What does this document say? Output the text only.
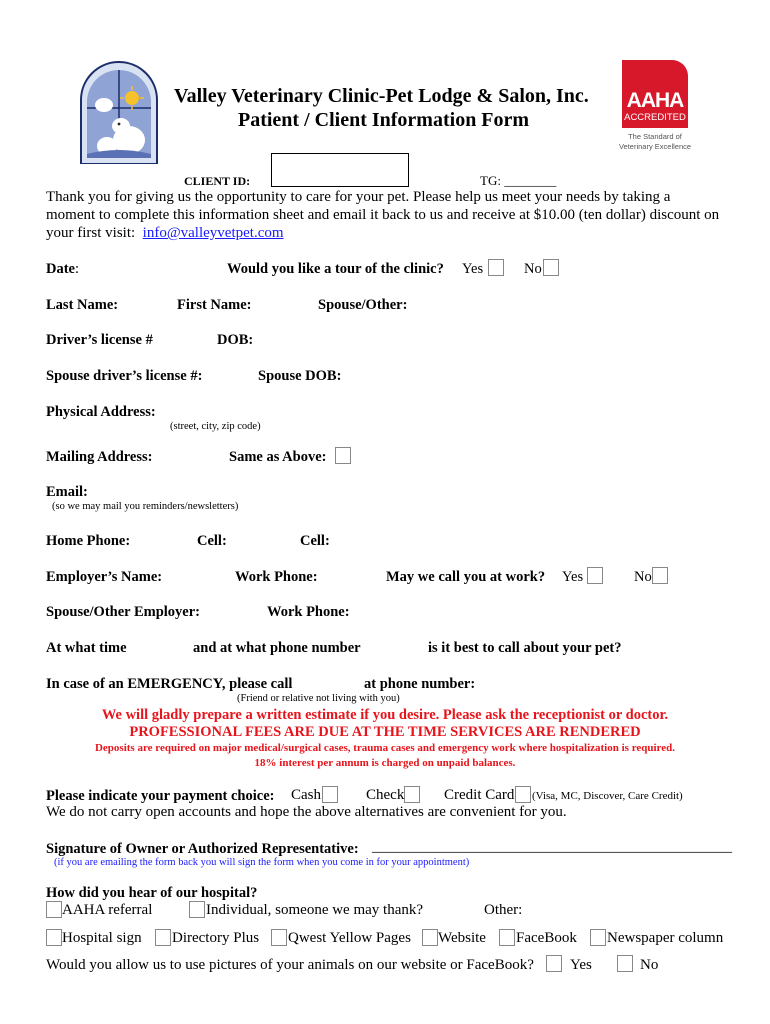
Valley Veterinary Clinic-Pet Lodge & Salon, Inc.
Patient / Client Information Form
AAHA
ACCREDITED
The Standard of
Veterinary Excellence
CLIENT ID:	TG: ________
Thank you for giving us the opportunity to care for your pet. Please help us meet your needs by taking a
moment to complete this information sheet and email it back to us and receive at $10.00 (ten dollar) discount on
your first visit:  info@valleyvetpet.com
Date:	Would you like a tour of the clinic? Yes	No
Last Name:	First Name:	Spouse/Other:
Driver’s license #	DOB:
Spouse driver’s license #:	Spouse DOB:
Physical Address:
(street, city, zip code)
Mailing Address:	Same as Above:
Email:
(so we may mail you reminders/newsletters)
Home Phone:	Cell:	Cell:
Employer’s Name:	Work Phone:	May we call you at work? Yes	No
Spouse/Other Employer:	Work Phone:
At what time	and at what phone number	is it best to call about your pet?
In case of an EMERGENCY, please call	at phone number:
(Friend or relative not living with you)
We will gladly prepare a written estimate if you desire. Please ask the receptionist or doctor.
PROFESSIONAL FEES ARE DUE AT THE TIME SERVICES ARE RENDERED
Deposits are required on major medical/surgical cases, trauma cases and emergency work where hospitalization is required.
18% interest per annum is charged on unpaid balances.
Please indicate your payment choice: Cash	Check	Credit Card (Visa, MC, Discover, Care Credit)
We do not carry open accounts and hope the above alternatives are convenient for you.
Signature of Owner or Authorized Representative: ________________________________________________
(if you are emailing the form back you will sign the form when you come in for your appointment)
How did you hear of our hospital?
AAHA referral	Individual, someone we may thank?	Other:
Hospital sign Directory Plus Qwest Yellow Pages Website FaceBook Newspaper column
Would you allow us to use pictures of your animals on our website or FaceBook? Yes	No
